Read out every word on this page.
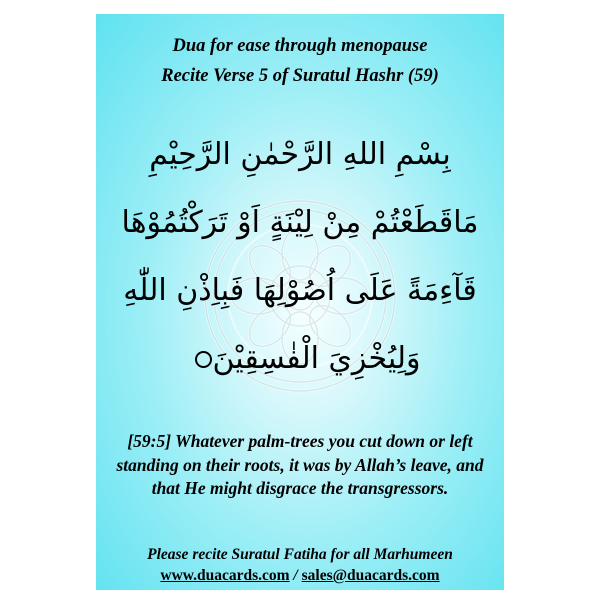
Dua for ease through menopause
Recite Verse 5 of Suratul Hashr (59)
بِسْمِ اللهِ الرَّحْمٰنِ الرَّحِيْمِ
مَاقَطَعْتُمْ مِنْ لِيْنَةٍ اَوْ تَرَكْتُمُوْهَا
قَآءِمَةً عَلَى اُصُوْلِهَا فَبِاِذْنِ اللّٰهِ
وَلِيُخْزِيَ الْفٰسِقِيْنَ
[59:5] Whatever palm-trees you cut down or left standing on their roots, it was by Allah’s leave, and that He might disgrace the transgressors.
Please recite Suratul Fatiha for all Marhumeen
www.duacards.com / sales@duacards.com
